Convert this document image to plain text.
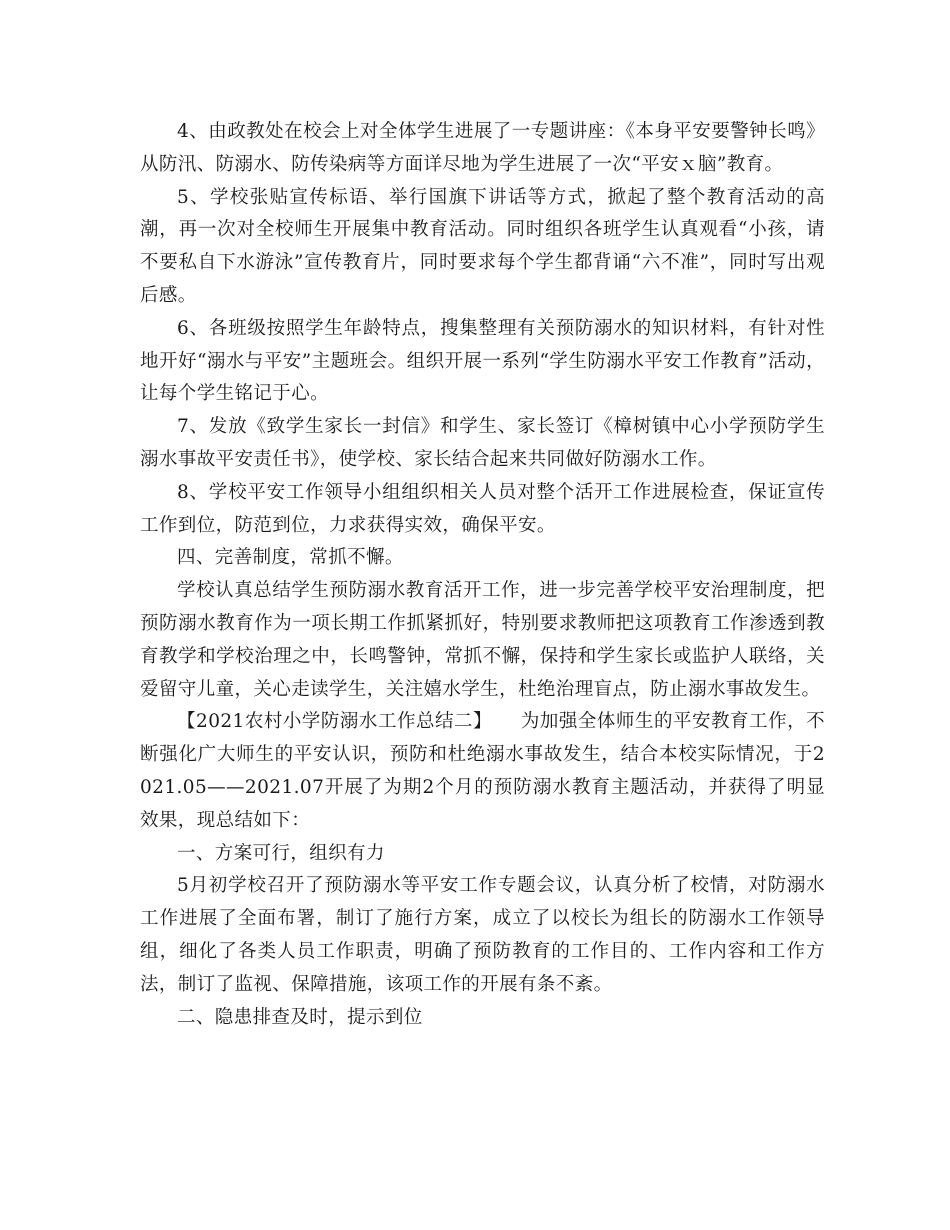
4、由政教处在校会上对全体学生进展了一专题讲座：《本身平安要警钟长鸣》从防汛、防溺水、防传染病等方面详尽地为学生进展了一次“平安ｘ脑”教育。

5、学校张贴宣传标语、举行国旗下讲话等方式，掀起了整个教育活动的高潮，再一次对全校师生开展集中教育活动。同时组织各班学生认真观看“小孩，请不要私自下水游泳”宣传教育片，同时要求每个学生都背诵“六不准”，同时写出观后感。

6、各班级按照学生年龄特点，搜集整理有关预防溺水的知识材料，有针对性地开好“溺水与平安”主题班会。组织开展一系列“学生防溺水平安工作教育”活动，让每个学生铭记于心。

7、发放《致学生家长一封信》和学生、家长签订《樟树镇中心小学预防学生溺水事故平安责任书》，使学校、家长结合起来共同做好防溺水工作。

8、学校平安工作领导小组组织相关人员对整个活开工作进展检查，保证宣传工作到位，防范到位，力求获得实效，确保平安。

四、完善制度，常抓不懈。

学校认真总结学生预防溺水教育活开工作，进一步完善学校平安治理制度，把预防溺水教育作为一项长期工作抓紧抓好，特别要求教师把这项教育工作渗透到教育教学和学校治理之中，长鸣警钟，常抓不懈，保持和学生家长或监护人联络，关爱留守儿童，关心走读学生，关注嬉水学生，杜绝治理盲点，防止溺水事故发生。

【2021农村小学防溺水工作总结二】　　为加强全体师生的平安教育工作，不断强化广大师生的平安认识，预防和杜绝溺水事故发生，结合本校实际情况，于2021.05——2021.07开展了为期2个月的预防溺水教育主题活动，并获得了明显效果，现总结如下：

一、方案可行，组织有力

5月初学校召开了预防溺水等平安工作专题会议，认真分析了校情，对防溺水工作进展了全面布署，制订了施行方案，成立了以校长为组长的防溺水工作领导组，细化了各类人员工作职责，明确了预防教育的工作目的、工作内容和工作方法，制订了监视、保障措施，该项工作的开展有条不紊。

二、隐患排查及时，提示到位
